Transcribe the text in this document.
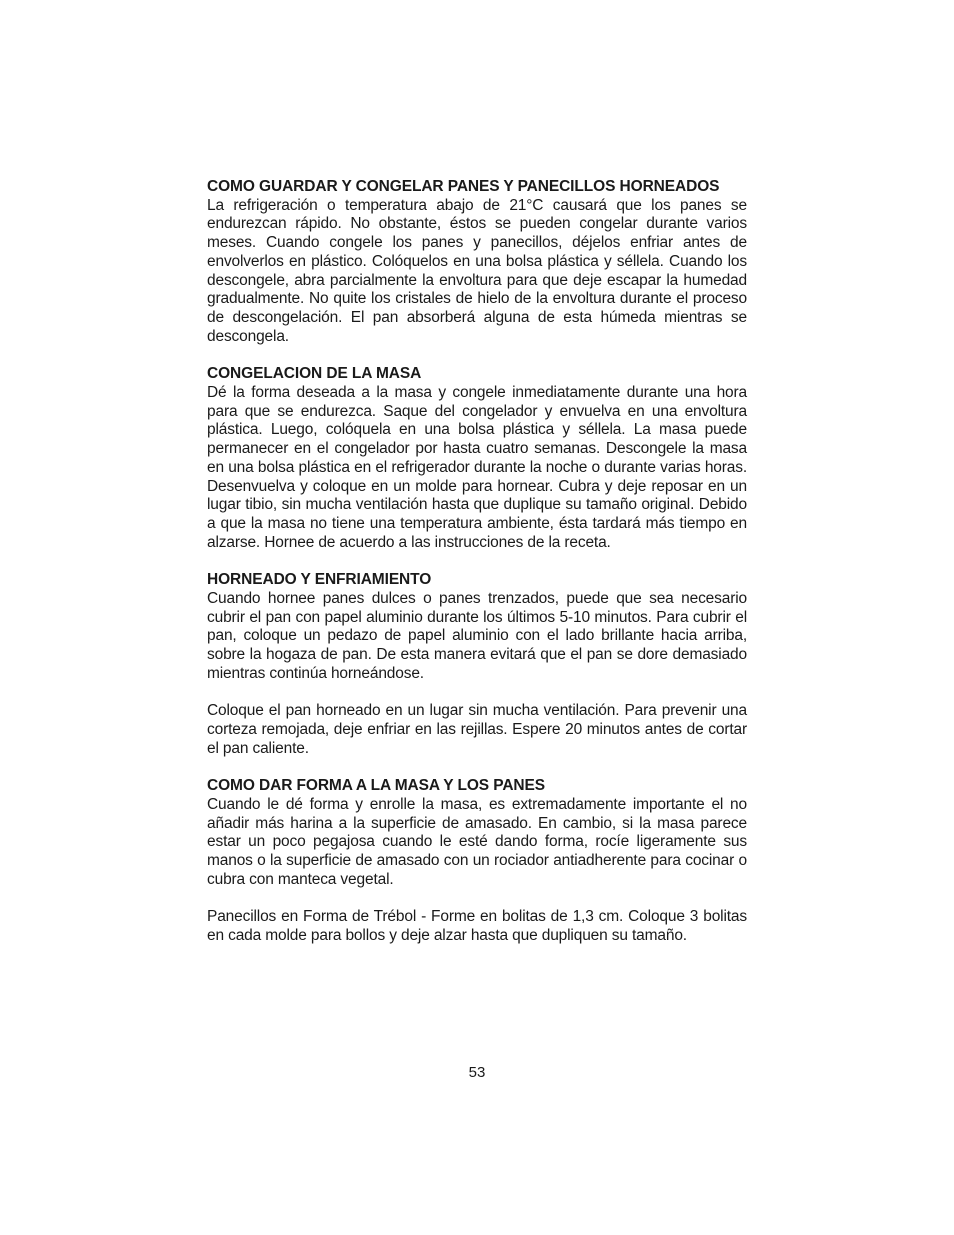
COMO GUARDAR Y CONGELAR PANES Y PANECILLOS HORNEADOS

La refrigeración o temperatura abajo de 21°C causará que los panes se endurezcan rápido. No obstante, éstos se pueden congelar durante varios meses. Cuando congele los panes y panecillos, déjelos enfriar antes de envolverlos en plástico. Colóquelos en una bolsa plástica y séllela. Cuando los descongele, abra parcialmente la envoltura para que deje escapar la humedad gradualmente. No quite los cristales de hielo de la envoltura durante el proceso de descongelación. El pan absorberá alguna de esta húmeda mientras se descongela.

CONGELACION DE LA MASA

Dé la forma deseada a la masa y congele inmediatamente durante una hora para que se endurezca. Saque del congelador y envuelva en una envoltura plástica. Luego, colóquela en una bolsa plástica y séllela. La masa puede permanecer en el congelador por hasta cuatro semanas. Descongele la masa en una bolsa plástica en el refrigerador durante la noche o durante varias horas. Desenvuelva y coloque en un molde para hornear. Cubra y deje reposar en un lugar tibio, sin mucha ventilación hasta que duplique su tamaño original. Debido a que la masa no tiene una temperatura ambiente, ésta tardará más tiempo en alzarse. Hornee de acuerdo a las instrucciones de la receta.

HORNEADO Y ENFRIAMIENTO

Cuando hornee panes dulces o panes trenzados, puede que sea necesario cubrir el pan con papel aluminio durante los últimos 5-10 minutos. Para cubrir el pan, coloque un pedazo de papel aluminio con el lado brillante hacia arriba, sobre la hogaza de pan. De esta manera evitará que el pan se dore demasiado mientras continúa horneándose.

Coloque el pan horneado en un lugar sin mucha ventilación. Para prevenir una corteza remojada, deje enfriar en las rejillas. Espere 20 minutos antes de cortar el pan caliente.

COMO DAR FORMA A LA MASA Y LOS PANES

Cuando le dé forma y enrolle la masa, es extremadamente importante el no añadir más harina a la superficie de amasado. En cambio, si la masa parece estar un poco pegajosa cuando le esté dando forma, rocíe ligeramente sus manos o la superficie de amasado con un rociador antiadherente para cocinar o cubra con manteca vegetal.

Panecillos en Forma de Trébol - Forme en bolitas de 1,3 cm. Coloque 3 bolitas en cada molde para bollos y deje alzar hasta que dupliquen su tamaño.

53
